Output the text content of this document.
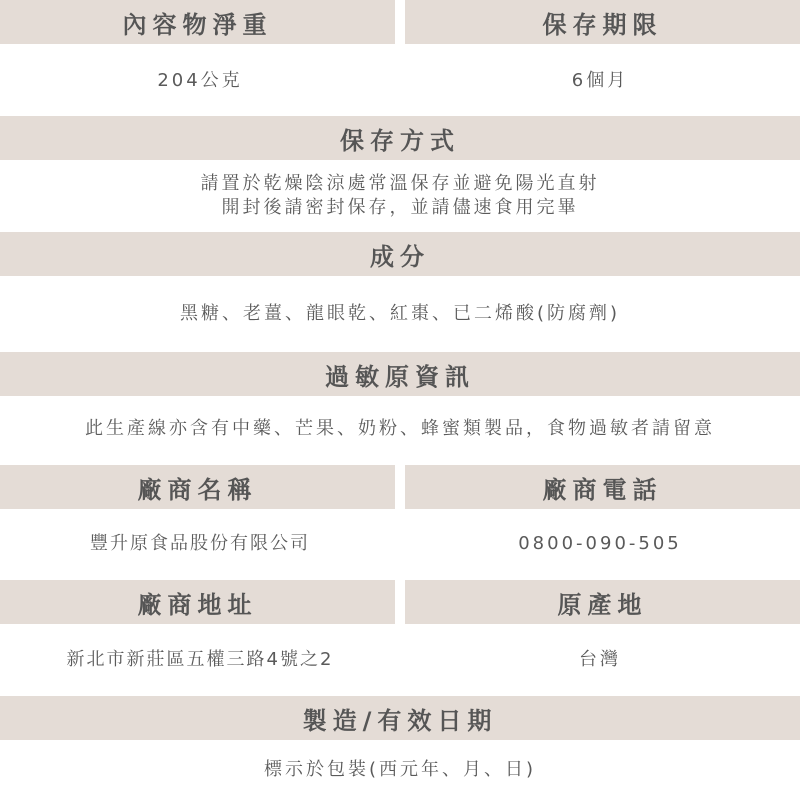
內容物淨重	保存期限
204公克	6個月
保存方式
請置於乾燥陰涼處常溫保存並避免陽光直射
開封後請密封保存，並請儘速食用完畢
成分
黑糖、老薑、龍眼乾、紅棗、已二烯酸(防腐劑)
過敏原資訊
此生產線亦含有中藥、芒果、奶粉、蜂蜜類製品，食物過敏者請留意
廠商名稱	廠商電話
豐升原食品股份有限公司	0800-090-505
廠商地址	原產地
新北市新莊區五權三路4號之2	台灣
製造/有效日期
標示於包裝(西元年、月、日)
